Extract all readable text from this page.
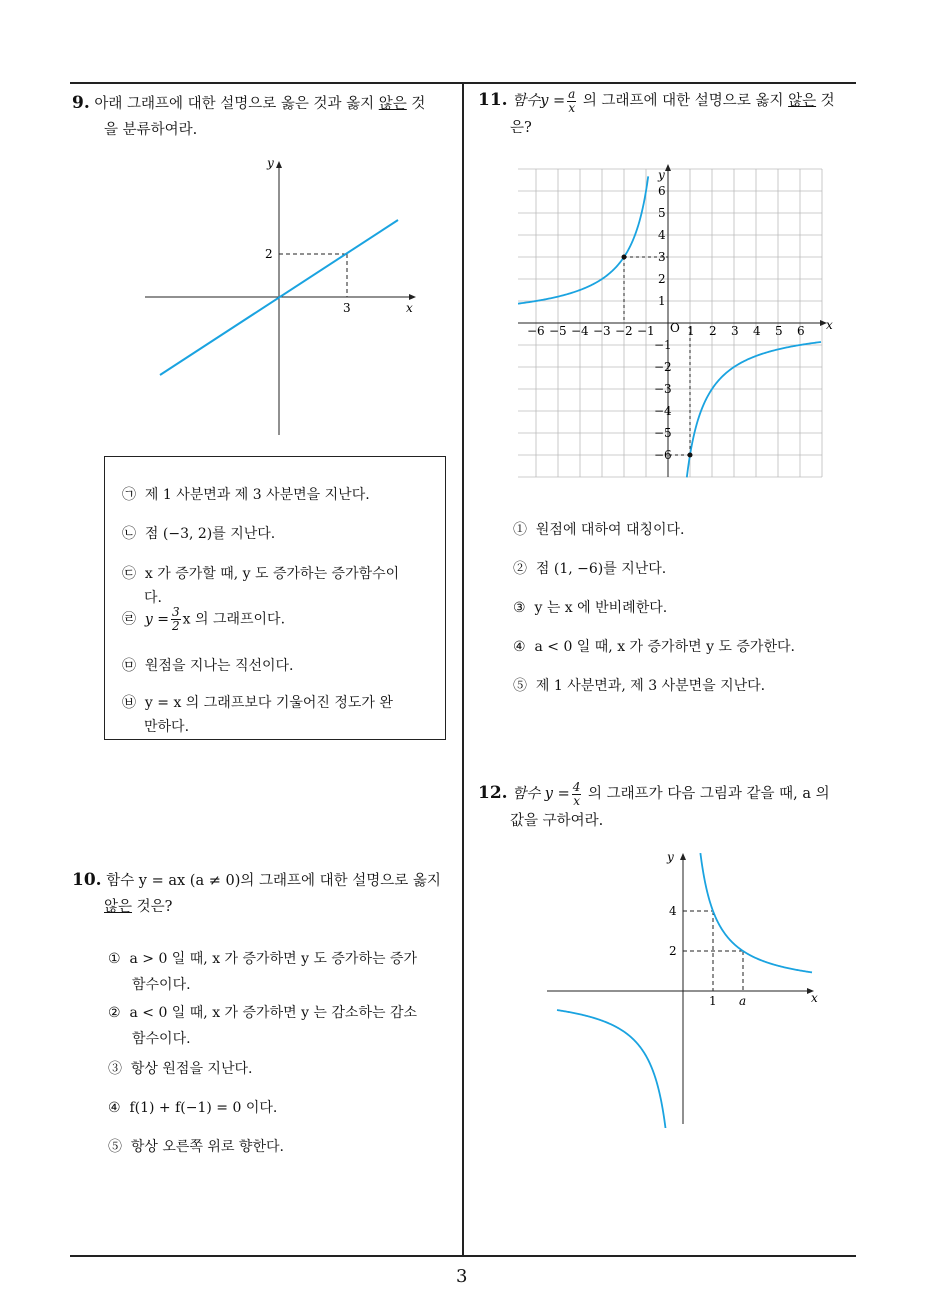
3
9. 아래 그래프에 대한 설명으로 옳은 것과 옳지 않은 것
을 분류하여라.
y
x
2
3
㉠ 제 1 사분면과 제 3 사분면을 지난다.
㉡ 점 (−3, 2)를 지난다.
㉢ x 가 증가할 때, y 도 증가하는 증가함수이
다.
㉣ $y = \frac{3}{2}$ x 의 그래프이다.
㉤ 원점을 지나는 직선이다.
㉥ y = x 의 그래프보다 기울어진 정도가 완
만하다.
10. 함수 y = ax (a ≠ 0)의 그래프에 대한 설명으로 옳지
않은 것은?
① a > 0 일 때, x 가 증가하면 y 도 증가하는 증가
함수이다.
② a < 0 일 때, x 가 증가하면 y 는 감소하는 감소
함수이다.
③ 항상 원점을 지난다.
④ f(1) + f(−1) = 0 이다.
⑤ 항상 오른쪽 위로 향한다.
11. 함수$y = \frac{a}{x}$ 의 그래프에 대한 설명으로 옳지 않은 것
은?
x
y
O
−6 −5 −4 −3 −2 −1	1 2 3 4 5 6
6
5
4
3
2
1
−1
−2
−3
−4
−5
−6
① 원점에 대하여 대칭이다.
② 점 (1, −6)를 지난다.
③ y 는 x 에 반비례한다.
④ a < 0 일 때, x 가 증가하면 y 도 증가한다.
⑤ 제 1 사분면과, 제 3 사분면을 지난다.
12. 함수 $y = \frac{4}{x}$ 의 그래프가 다음 그림과 같을 때, a 의
값을 구하여라.
x
y
4
2
1 a
